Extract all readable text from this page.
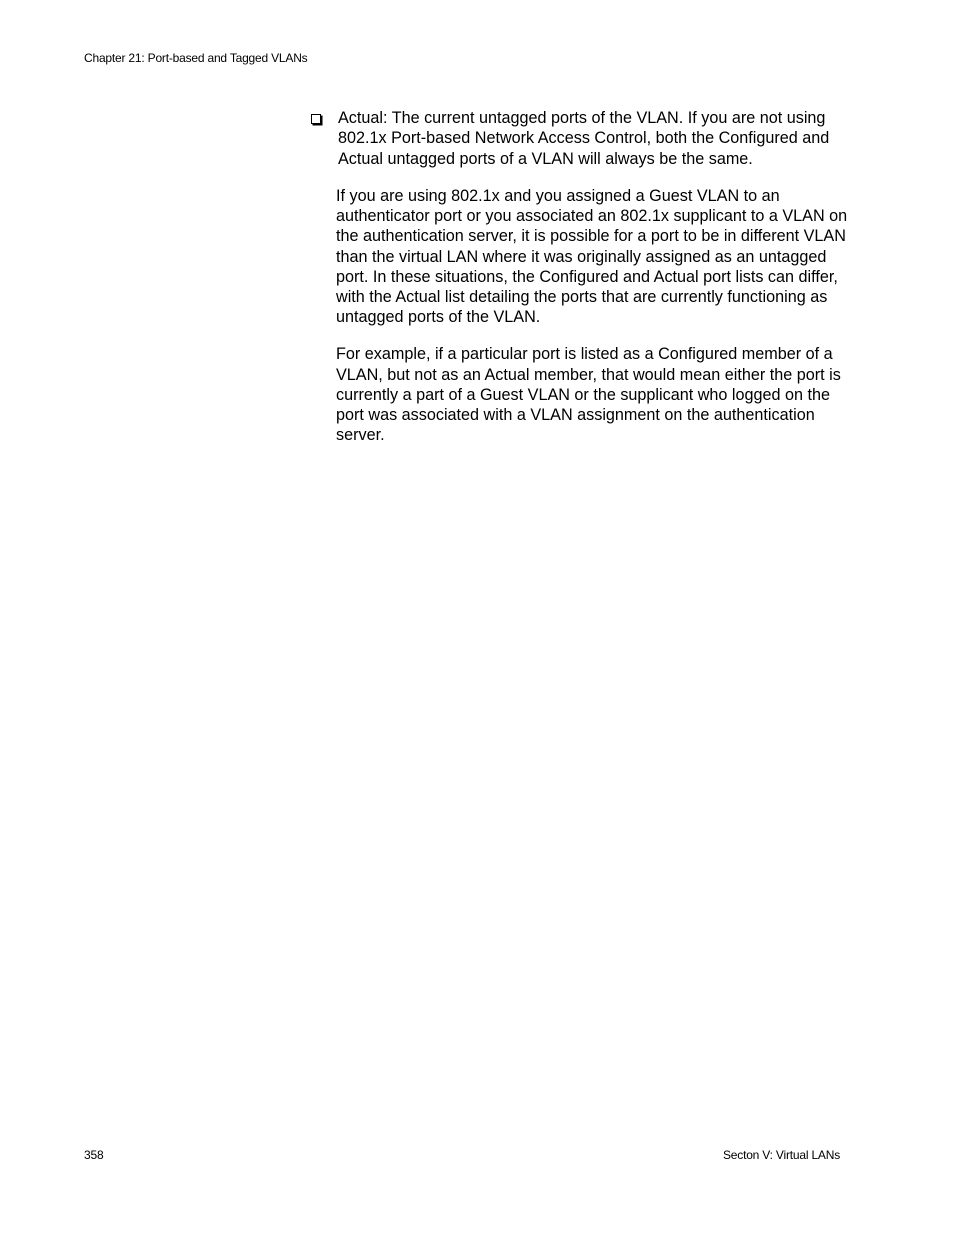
Chapter 21: Port-based and Tagged VLANs
Actual: The current untagged ports of the VLAN. If you are not using 802.1x Port-based Network Access Control, both the Configured and Actual untagged ports of a VLAN will always be the same.

If you are using 802.1x and you assigned a Guest VLAN to an authenticator port or you associated an 802.1x supplicant to a VLAN on the authentication server, it is possible for a port to be in different VLAN than the virtual LAN where it was originally assigned as an untagged port. In these situations, the Configured and Actual port lists can differ, with the Actual list detailing the ports that are currently functioning as untagged ports of the VLAN.

For example, if a particular port is listed as a Configured member of a VLAN, but not as an Actual member, that would mean either the port is currently a part of a Guest VLAN or the supplicant who logged on the port was associated with a VLAN assignment on the authentication server.

358	Secton V: Virtual LANs
